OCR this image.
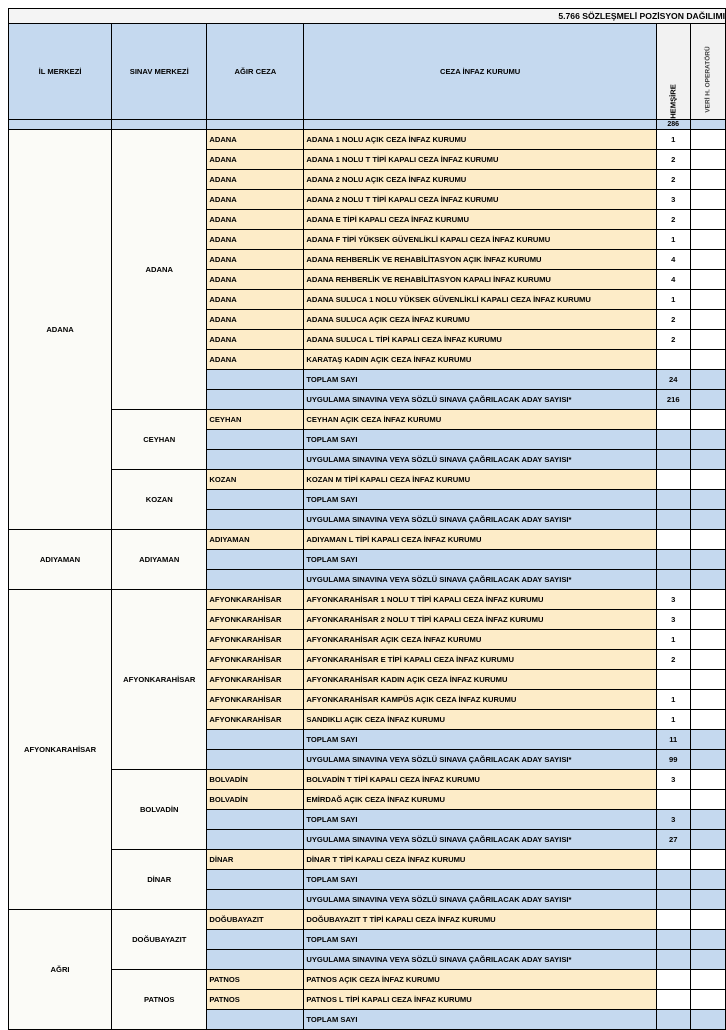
5.766 SÖZLEŞMELİ POZİSYON DAĞILIMI					
İL MERKEZİ	SINAV MERKEZİ	AĞIR CEZA	CEZA İNFAZ KURUMU	HEMŞİRE	VERİ H. OPERATÖRÜ

				286	
ADANA	ADANA	ADANA	ADANA 1 NOLU AÇIK CEZA İNFAZ KURUMU	1	
		ADANA	ADANA 1 NOLU T TİPİ KAPALI CEZA İNFAZ KURUMU	2	
		ADANA	ADANA 2 NOLU AÇIK CEZA İNFAZ KURUMU	2	
		ADANA	ADANA 2 NOLU T TİPİ KAPALI CEZA İNFAZ KURUMU	3	
		ADANA	ADANA E TİPİ KAPALI CEZA İNFAZ KURUMU	2	
		ADANA	ADANA F TİPİ YÜKSEK GÜVENLİKLİ KAPALI CEZA İNFAZ KURUMU	1	
		ADANA	ADANA REHBERLİK VE REHABİLİTASYON AÇIK İNFAZ KURUMU	4	
		ADANA	ADANA REHBERLİK VE REHABİLİTASYON KAPALI İNFAZ KURUMU	4	
		ADANA	ADANA SULUCA 1 NOLU YÜKSEK GÜVENLİKLİ KAPALI CEZA İNFAZ KURUMU	1	
		ADANA	ADANA SULUCA AÇIK CEZA İNFAZ KURUMU	2	
		ADANA	ADANA SULUCA L TİPİ KAPALI CEZA İNFAZ KURUMU	2	
		ADANA	KARATAŞ KADIN AÇIK CEZA İNFAZ KURUMU		
			TOPLAM SAYI	24	
			UYGULAMA SINAVINA VEYA SÖZLÜ SINAVA ÇAĞRILACAK ADAY SAYISI*	216	
	CEYHAN	CEYHAN	CEYHAN AÇIK CEZA İNFAZ KURUMU		
			TOPLAM SAYI		
			UYGULAMA SINAVINA VEYA SÖZLÜ SINAVA ÇAĞRILACAK ADAY SAYISI*		
	KOZAN	KOZAN	KOZAN M TİPİ KAPALI CEZA İNFAZ KURUMU		
			TOPLAM SAYI		
			UYGULAMA SINAVINA VEYA SÖZLÜ SINAVA ÇAĞRILACAK ADAY SAYISI*		
ADIYAMAN	ADIYAMAN	ADIYAMAN	ADIYAMAN L TİPİ KAPALI CEZA İNFAZ KURUMU		
			TOPLAM SAYI		
			UYGULAMA SINAVINA VEYA SÖZLÜ SINAVA ÇAĞRILACAK ADAY SAYISI*		
AFYONKARAHİSAR	AFYONKARAHİSAR	AFYONKARAHİSAR	AFYONKARAHİSAR 1 NOLU T TİPİ KAPALI CEZA İNFAZ KURUMU	3	
		AFYONKARAHİSAR	AFYONKARAHİSAR 2 NOLU T TİPİ KAPALI CEZA İNFAZ KURUMU	3	
		AFYONKARAHİSAR	AFYONKARAHİSAR AÇIK CEZA İNFAZ KURUMU	1	
		AFYONKARAHİSAR	AFYONKARAHİSAR E TİPİ KAPALI CEZA İNFAZ KURUMU	2	
		AFYONKARAHİSAR	AFYONKARAHİSAR KADIN AÇIK CEZA İNFAZ KURUMU		
		AFYONKARAHİSAR	AFYONKARAHİSAR KAMPÜS AÇIK CEZA İNFAZ KURUMU	1	
		AFYONKARAHİSAR	SANDIKLI AÇIK CEZA İNFAZ KURUMU	1	
			TOPLAM SAYI	11	
			UYGULAMA SINAVINA VEYA SÖZLÜ SINAVA ÇAĞRILACAK ADAY SAYISI*	99	
	BOLVADİN	BOLVADİN	BOLVADİN T TİPİ KAPALI CEZA İNFAZ KURUMU	3	
		BOLVADİN	EMİRDAĞ AÇIK CEZA İNFAZ KURUMU		
			TOPLAM SAYI	3	
			UYGULAMA SINAVINA VEYA SÖZLÜ SINAVA ÇAĞRILACAK ADAY SAYISI*	27	
	DİNAR	DİNAR	DİNAR T TİPİ KAPALI CEZA İNFAZ KURUMU		
			TOPLAM SAYI		
			UYGULAMA SINAVINA VEYA SÖZLÜ SINAVA ÇAĞRILACAK ADAY SAYISI*		
AĞRI	DOĞUBAYAZIT	DOĞUBAYAZIT	DOĞUBAYAZIT T TİPİ KAPALI CEZA İNFAZ KURUMU		
			TOPLAM SAYI		
			UYGULAMA SINAVINA VEYA SÖZLÜ SINAVA ÇAĞRILACAK ADAY SAYISI*		
	PATNOS	PATNOS	PATNOS AÇIK CEZA İNFAZ KURUMU		
		PATNOS	PATNOS L TİPİ KAPALI CEZA İNFAZ KURUMU		
			TOPLAM SAYI		
